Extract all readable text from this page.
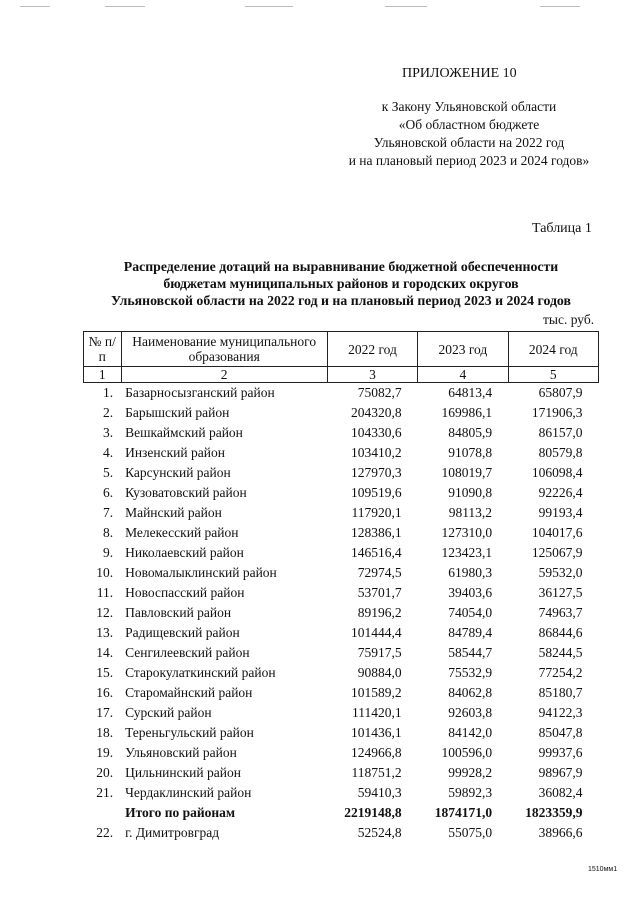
ПРИЛОЖЕНИЕ 10
к Закону Ульяновской области
«Об областном бюджете
Ульяновской области на 2022 год
и на плановый период 2023 и 2024 годов»
Таблица 1
Распределение дотаций на выравнивание бюджетной обеспеченности
бюджетам муниципальных районов и городских округов
Ульяновской области на 2022 год и на плановый период 2023 и 2024 годов
тыс. руб.
№ п/п	Наименование муниципального образования	2022 год	2023 год	2024 год
1	2	3	4	5
1.	Базарносызганский район	75082,7	64813,4	65807,9
2.	Барышский район	204320,8	169986,1	171906,3
3.	Вешкаймский район	104330,6	84805,9	86157,0
4.	Инзенский район	103410,2	91078,8	80579,8
5.	Карсунский район	127970,3	108019,7	106098,4
6.	Кузоватовский район	109519,6	91090,8	92226,4
7.	Майнский район	117920,1	98113,2	99193,4
8.	Мелекесский район	128386,1	127310,0	104017,6
9.	Николаевский район	146516,4	123423,1	125067,9
10.	Новомалыклинский район	72974,5	61980,3	59532,0
11.	Новоспасский район	53701,7	39403,6	36127,5
12.	Павловский район	89196,2	74054,0	74963,7
13.	Радищевский район	101444,4	84789,4	86844,6
14.	Сенгилеевский район	75917,5	58544,7	58244,5
15.	Старокулаткинский район	90884,0	75532,9	77254,2
16.	Старомайнский район	101589,2	84062,8	85180,7
17.	Сурский район	111420,1	92603,8	94122,3
18.	Тереньгульский район	101436,1	84142,0	85047,8
19.	Ульяновский район	124966,8	100596,0	99937,6
20.	Цильнинский район	118751,2	99928,2	98967,9
21.	Чердаклинский район	59410,3	59892,3	36082,4
	Итого по районам	2219148,8	1874171,0	1823359,9
22.	г. Димитровград	52524,8	55075,0	38966,6
1510мм1
